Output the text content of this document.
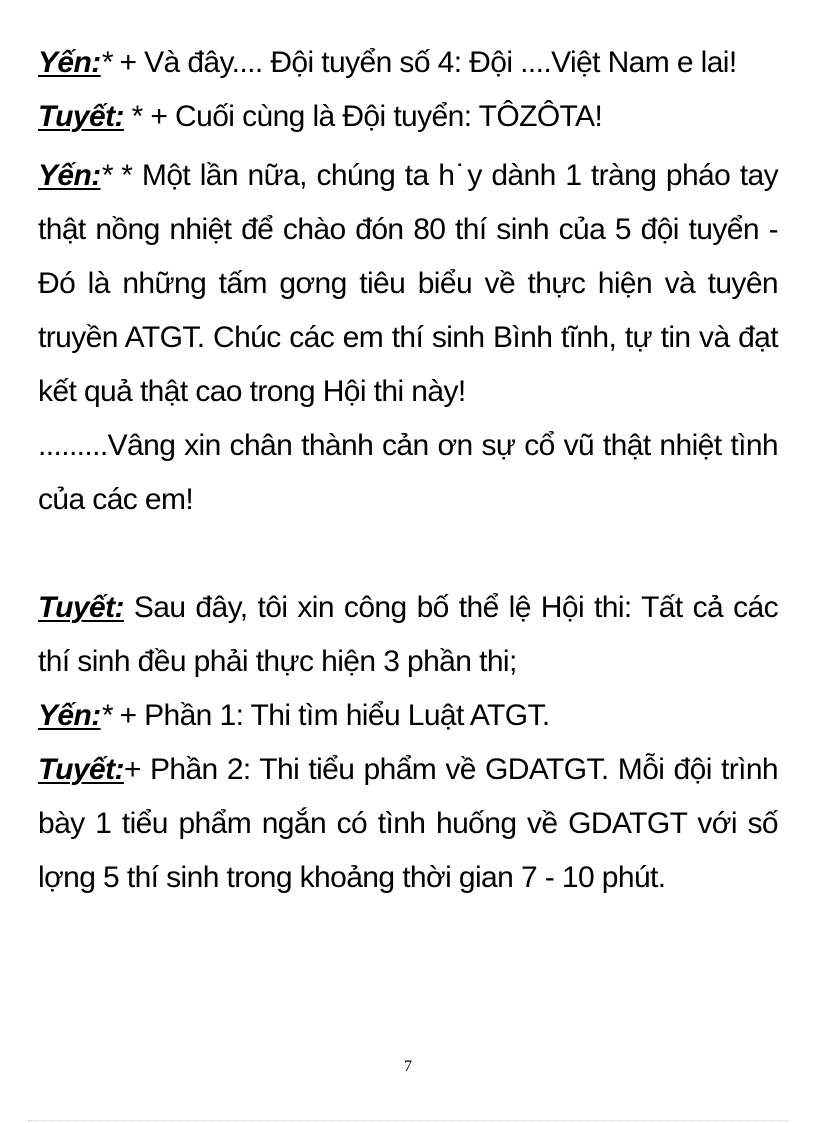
Yến:* + Và đây.... Đội tuyển số 4: Đội ....Việt Nam e lai!

Tuyết: * + Cuối cùng là Đội tuyển: TÔZÔTA!

Yến:* * Một lần nữa, chúng ta h˙y dành 1 tràng pháo tay thật nồng nhiệt để chào đón 80 thí sinh của 5 đội tuyển - Đó là những tấm gơng tiêu biểu về thực hiện và tuyên truyền ATGT. Chúc các em thí sinh Bình tĩnh, tự tin và đạt kết quả thật cao trong Hội thi này!

.........Vâng xin chân thành cản ơn sự cổ vũ thật nhiệt tình của các em!

Tuyết: Sau đây, tôi xin công bố thể lệ Hội thi: Tất cả các thí sinh đều phải thực hiện 3 phần thi;

Yến:* + Phần 1: Thi tìm hiểu Luật ATGT.

Tuyết:+ Phần 2: Thi tiểu phẩm về GDATGT. Mỗi đội trình bày 1 tiểu phẩm ngắn có tình huống về GDATGT với số lợng 5 thí sinh trong khoảng thời gian 7 - 10 phút.

7
